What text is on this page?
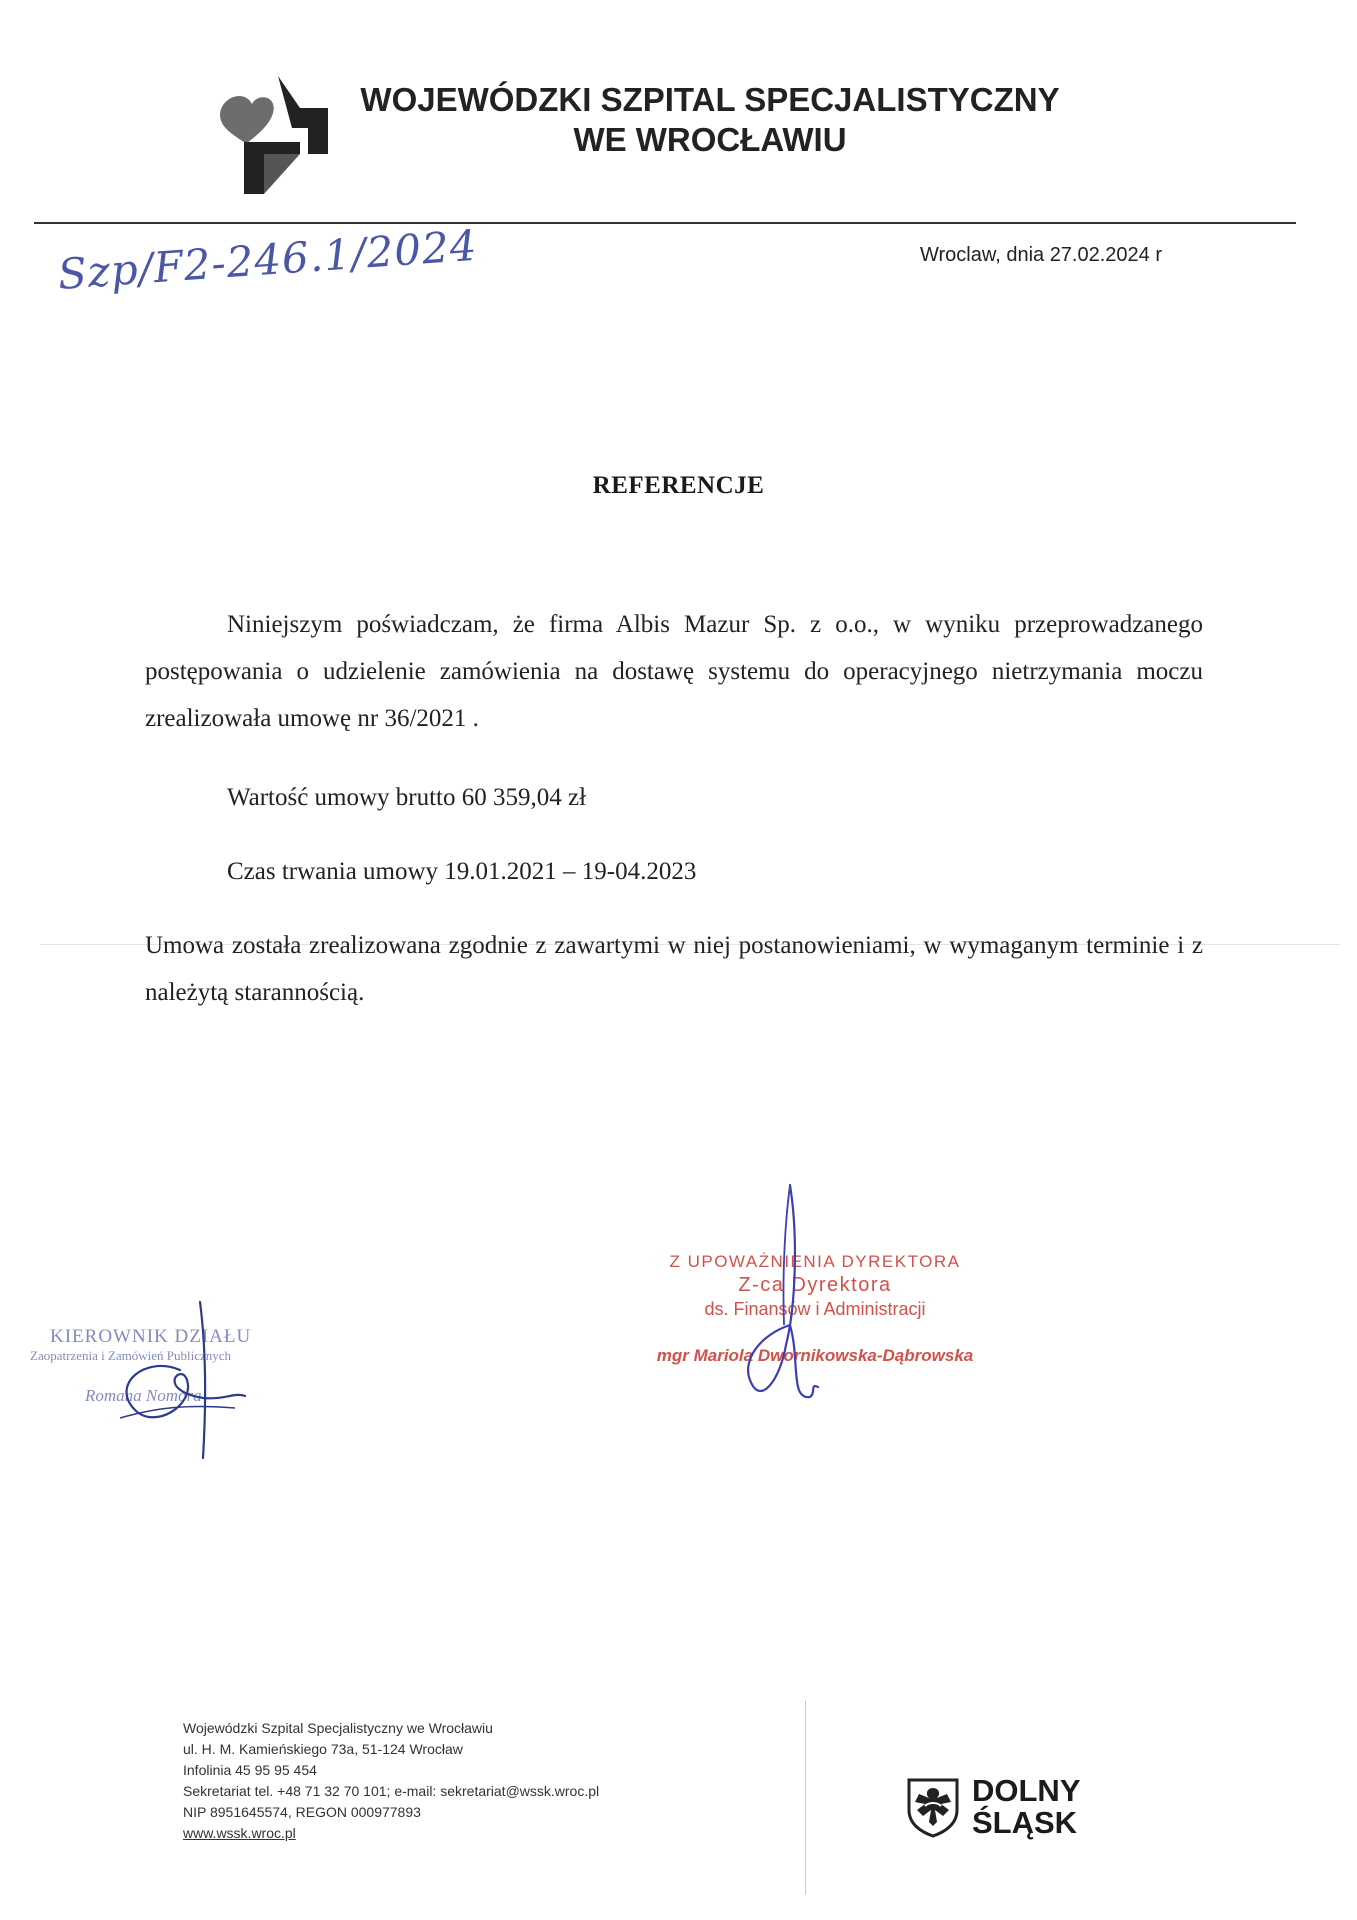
WOJEWÓDZKI SZPITAL SPECJALISTYCZNY
WE WROCŁAWIU
Szp/F2-246.1/2024	Wroclaw, dnia 27.02.2024 r
REFERENCJE
Niniejszym poświadczam, że firma Albis Mazur Sp. z o.o., w wyniku przeprowadzanego postępowania o udzielenie zamówienia na dostawę systemu do operacyjnego nietrzymania moczu zrealizowała umowę nr 36/2021 .
Wartość umowy brutto 60 359,04 zł
Czas trwania umowy 19.01.2021 – 19-04.2023
Umowa została zrealizowana zgodnie z zawartymi w niej postanowieniami, w wymaganym terminie i z należytą starannością.
Z UPOWAŻNIENIA DYREKTORA
Z-ca Dyrektora
ds. Finansów i Administracji
mgr Mariola Dwornikowska-Dąbrowska
KIEROWNIK DZIAŁU
Zaopatrzenia i Zamówień Publicznych
Romana Nomora
Wojewódzki Szpital Specjalistyczny we Wrocławiu
ul. H. M. Kamieńskiego 73a, 51-124 Wrocław
Infolinia 45 95 95 454
Sekretariat tel. +48 71 32 70 101; e-mail: sekretariat@wssk.wroc.pl
NIP 8951645574, REGON 000977893
www.wssk.wroc.pl
DOLNY
ŚLĄSK
